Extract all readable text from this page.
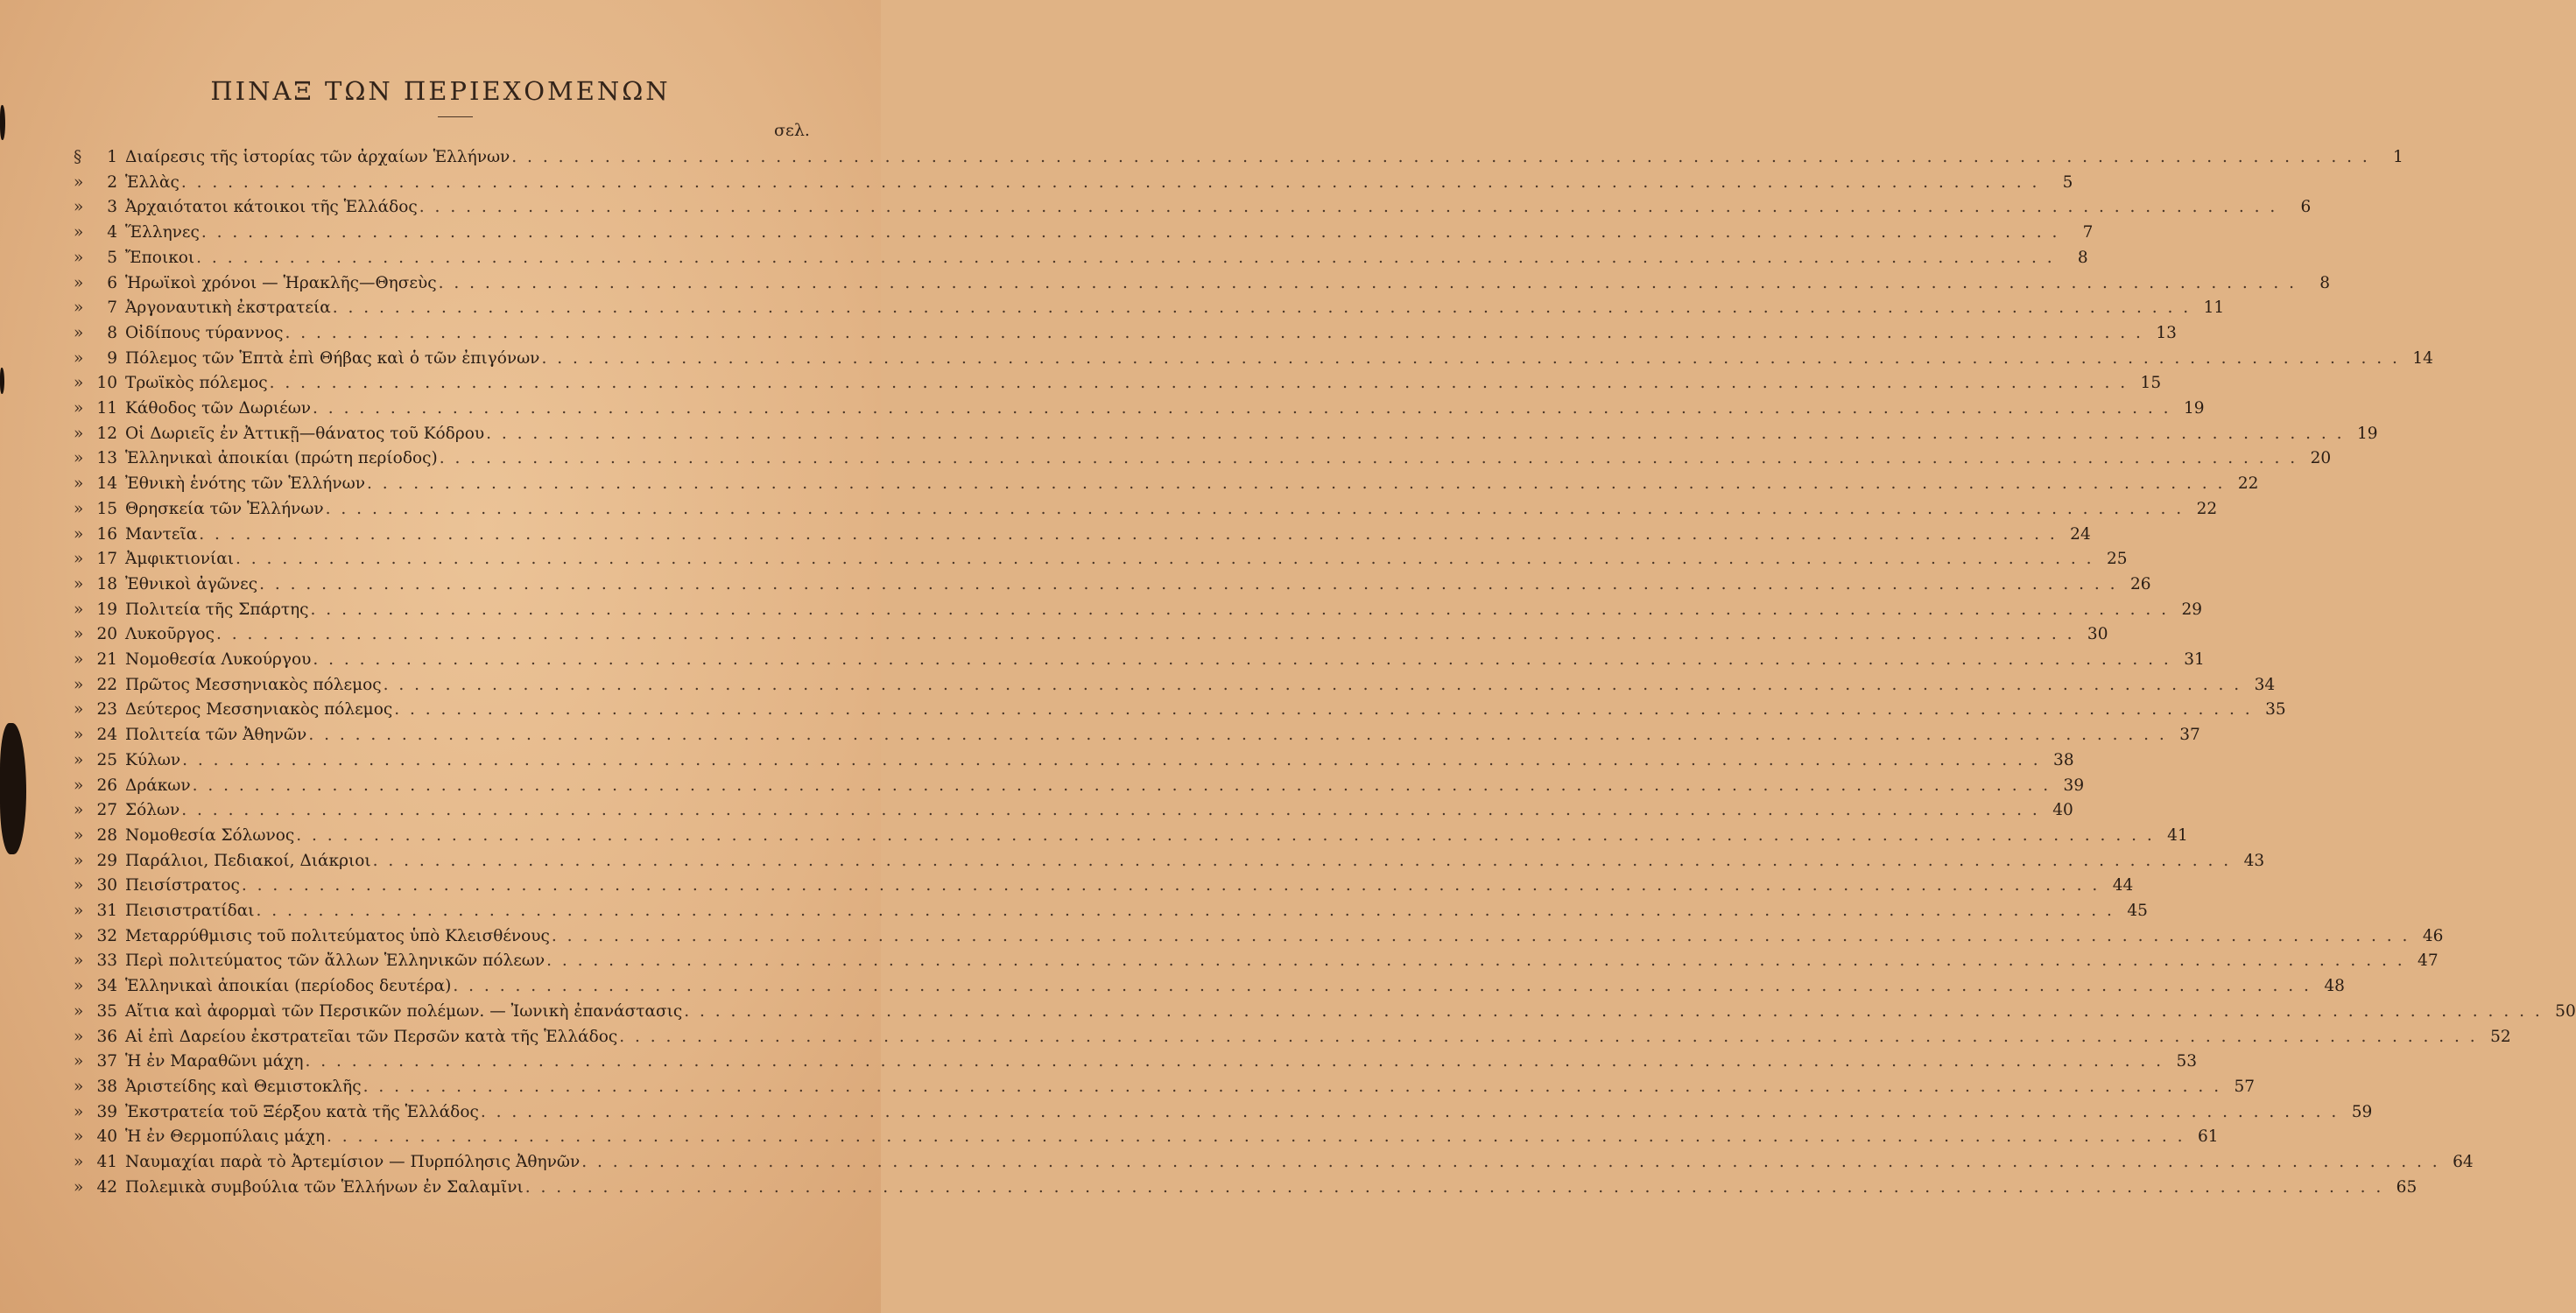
ΠΙΝΑΞ ΤΩΝ ΠΕΡΙΕΧΟΜΕΝΩΝ
σελ.
§	1 Διαίρεσις τῆς ἱστορίας τῶν ἀρχαίων Ἑλλήνων . . . . . . . . . . . . . . . . . . . . . . . . . . . . . . . . . . . . . . . . . . . . . . . . . . . . . . . . . . . . . . . . . . . . . . . . . . . . . . . . . . . . . . . . . . . . . . . . . . . . . . . . . . . . . . . . . . . . . . . .	1
»	2 Ἑλλὰς . . . . . . . . . . . . . . . . . . . . . . . . . . . . . . . . . . . . . . . . . . . . . . . . . . . . . . . . . . . . . . . . . . . . . . . . . . . . . . . . . . . . . . . . . . . . . . . . . . . . . . . . . . . . . . . . . . . . . . . .	5
»	3 Ἀρχαιότατοι κάτοικοι τῆς Ἑλλάδος . . . . . . . . . . . . . . . . . . . . . . . . . . . . . . . . . . . . . . . . . . . . . . . . . . . . . . . . . . . . . . . . . . . . . . . . . . . . . . . . . . . . . . . . . . . . . . . . . . . . . . . . . . . . . . . . . . . . . . . .	6
»	4 Ἕλληνες . . . . . . . . . . . . . . . . . . . . . . . . . . . . . . . . . . . . . . . . . . . . . . . . . . . . . . . . . . . . . . . . . . . . . . . . . . . . . . . . . . . . . . . . . . . . . . . . . . . . . . . . . . . . . . . . . . . . . . . .	7
»	5 Ἔποικοι . . . . . . . . . . . . . . . . . . . . . . . . . . . . . . . . . . . . . . . . . . . . . . . . . . . . . . . . . . . . . . . . . . . . . . . . . . . . . . . . . . . . . . . . . . . . . . . . . . . . . . . . . . . . . . . . . . . . . . . .	8
»	6 Ἡρωϊκοὶ χρόνοι — Ἡρακλῆς—Θησεὺς . . . . . . . . . . . . . . . . . . . . . . . . . . . . . . . . . . . . . . . . . . . . . . . . . . . . . . . . . . . . . . . . . . . . . . . . . . . . . . . . . . . . . . . . . . . . . . . . . . . . . . . . . . . . . . . . . . . . . . . .	8
»	7 Ἀργοναυτικὴ ἐκστρατεία . . . . . . . . . . . . . . . . . . . . . . . . . . . . . . . . . . . . . . . . . . . . . . . . . . . . . . . . . . . . . . . . . . . . . . . . . . . . . . . . . . . . . . . . . . . . . . . . . . . . . . . . . . . . . . . . . . . . . . . . 11
»	8 Οἰδίπους τύραννος . . . . . . . . . . . . . . . . . . . . . . . . . . . . . . . . . . . . . . . . . . . . . . . . . . . . . . . . . . . . . . . . . . . . . . . . . . . . . . . . . . . . . . . . . . . . . . . . . . . . . . . . . . . . . . . . . . . . . . . . 13
»	9 Πόλεμος τῶν Ἑπτὰ ἐπὶ Θήβας καὶ ὁ τῶν ἐπιγόνων . . . . . . . . . . . . . . . . . . . . . . . . . . . . . . . . . . . . . . . . . . . . . . . . . . . . . . . . . . . . . . . . . . . . . . . . . . . . . . . . . . . . . . . . . . . . . . . . . . . . . . . . . . . . . . . . . . . . . . . . 14
» 10 Τρωϊκὸς πόλεμος . . . . . . . . . . . . . . . . . . . . . . . . . . . . . . . . . . . . . . . . . . . . . . . . . . . . . . . . . . . . . . . . . . . . . . . . . . . . . . . . . . . . . . . . . . . . . . . . . . . . . . . . . . . . . . . . . . . . . . . . 15
» 11 Κάθοδος τῶν Δωριέων . . . . . . . . . . . . . . . . . . . . . . . . . . . . . . . . . . . . . . . . . . . . . . . . . . . . . . . . . . . . . . . . . . . . . . . . . . . . . . . . . . . . . . . . . . . . . . . . . . . . . . . . . . . . . . . . . . . . . . . . 19
» 12 Οἱ Δωριεῖς ἐν Ἀττικῇ—θάνατος τοῦ Κόδρου . . . . . . . . . . . . . . . . . . . . . . . . . . . . . . . . . . . . . . . . . . . . . . . . . . . . . . . . . . . . . . . . . . . . . . . . . . . . . . . . . . . . . . . . . . . . . . . . . . . . . . . . . . . . . . . . . . . . . . . . 19
» 13 Ἑλληνικαὶ ἀποικίαι (πρώτη περίοδος) . . . . . . . . . . . . . . . . . . . . . . . . . . . . . . . . . . . . . . . . . . . . . . . . . . . . . . . . . . . . . . . . . . . . . . . . . . . . . . . . . . . . . . . . . . . . . . . . . . . . . . . . . . . . . . . . . . . . . . . . 20
» 14 Ἐθνικὴ ἑνότης τῶν Ἑλλήνων . . . . . . . . . . . . . . . . . . . . . . . . . . . . . . . . . . . . . . . . . . . . . . . . . . . . . . . . . . . . . . . . . . . . . . . . . . . . . . . . . . . . . . . . . . . . . . . . . . . . . . . . . . . . . . . . . . . . . . . . 22
» 15 Θρησκεία τῶν Ἑλλήνων . . . . . . . . . . . . . . . . . . . . . . . . . . . . . . . . . . . . . . . . . . . . . . . . . . . . . . . . . . . . . . . . . . . . . . . . . . . . . . . . . . . . . . . . . . . . . . . . . . . . . . . . . . . . . . . . . . . . . . . . 22
» 16 Μαντεῖα . . . . . . . . . . . . . . . . . . . . . . . . . . . . . . . . . . . . . . . . . . . . . . . . . . . . . . . . . . . . . . . . . . . . . . . . . . . . . . . . . . . . . . . . . . . . . . . . . . . . . . . . . . . . . . . . . . . . . . . . 24
» 17 Ἀμφικτιονίαι . . . . . . . . . . . . . . . . . . . . . . . . . . . . . . . . . . . . . . . . . . . . . . . . . . . . . . . . . . . . . . . . . . . . . . . . . . . . . . . . . . . . . . . . . . . . . . . . . . . . . . . . . . . . . . . . . . . . . . . . 25
» 18 Ἐθνικοὶ ἀγῶνες . . . . . . . . . . . . . . . . . . . . . . . . . . . . . . . . . . . . . . . . . . . . . . . . . . . . . . . . . . . . . . . . . . . . . . . . . . . . . . . . . . . . . . . . . . . . . . . . . . . . . . . . . . . . . . . . . . . . . . . . 26
» 19 Πολιτεία τῆς Σπάρτης . . . . . . . . . . . . . . . . . . . . . . . . . . . . . . . . . . . . . . . . . . . . . . . . . . . . . . . . . . . . . . . . . . . . . . . . . . . . . . . . . . . . . . . . . . . . . . . . . . . . . . . . . . . . . . . . . . . . . . . . 29
» 20 Λυκοῦργος . . . . . . . . . . . . . . . . . . . . . . . . . . . . . . . . . . . . . . . . . . . . . . . . . . . . . . . . . . . . . . . . . . . . . . . . . . . . . . . . . . . . . . . . . . . . . . . . . . . . . . . . . . . . . . . . . . . . . . . . 30
» 21 Νομοθεσία Λυκούργου . . . . . . . . . . . . . . . . . . . . . . . . . . . . . . . . . . . . . . . . . . . . . . . . . . . . . . . . . . . . . . . . . . . . . . . . . . . . . . . . . . . . . . . . . . . . . . . . . . . . . . . . . . . . . . . . . . . . . . . . 31
» 22 Πρῶτος Μεσσηνιακὸς πόλεμος . . . . . . . . . . . . . . . . . . . . . . . . . . . . . . . . . . . . . . . . . . . . . . . . . . . . . . . . . . . . . . . . . . . . . . . . . . . . . . . . . . . . . . . . . . . . . . . . . . . . . . . . . . . . . . . . . . . . . . . . 34
» 23 Δεύτερος Μεσσηνιακὸς πόλεμος . . . . . . . . . . . . . . . . . . . . . . . . . . . . . . . . . . . . . . . . . . . . . . . . . . . . . . . . . . . . . . . . . . . . . . . . . . . . . . . . . . . . . . . . . . . . . . . . . . . . . . . . . . . . . . . . . . . . . . . . 35
» 24 Πολιτεία τῶν Ἀθηνῶν . . . . . . . . . . . . . . . . . . . . . . . . . . . . . . . . . . . . . . . . . . . . . . . . . . . . . . . . . . . . . . . . . . . . . . . . . . . . . . . . . . . . . . . . . . . . . . . . . . . . . . . . . . . . . . . . . . . . . . . . 37
» 25 Κύλων . . . . . . . . . . . . . . . . . . . . . . . . . . . . . . . . . . . . . . . . . . . . . . . . . . . . . . . . . . . . . . . . . . . . . . . . . . . . . . . . . . . . . . . . . . . . . . . . . . . . . . . . . . . . . . . . . . . . . . . . 38
» 26 Δράκων . . . . . . . . . . . . . . . . . . . . . . . . . . . . . . . . . . . . . . . . . . . . . . . . . . . . . . . . . . . . . . . . . . . . . . . . . . . . . . . . . . . . . . . . . . . . . . . . . . . . . . . . . . . . . . . . . . . . . . . . 39
» 27 Σόλων . . . . . . . . . . . . . . . . . . . . . . . . . . . . . . . . . . . . . . . . . . . . . . . . . . . . . . . . . . . . . . . . . . . . . . . . . . . . . . . . . . . . . . . . . . . . . . . . . . . . . . . . . . . . . . . . . . . . . . . . 40
» 28 Νομοθεσία Σόλωνος . . . . . . . . . . . . . . . . . . . . . . . . . . . . . . . . . . . . . . . . . . . . . . . . . . . . . . . . . . . . . . . . . . . . . . . . . . . . . . . . . . . . . . . . . . . . . . . . . . . . . . . . . . . . . . . . . . . . . . . . 41
» 29 Παράλιοι, Πεδιακοί, Διάκριοι . . . . . . . . . . . . . . . . . . . . . . . . . . . . . . . . . . . . . . . . . . . . . . . . . . . . . . . . . . . . . . . . . . . . . . . . . . . . . . . . . . . . . . . . . . . . . . . . . . . . . . . . . . . . . . . . . . . . . . . . 43
» 30 Πεισίστρατος . . . . . . . . . . . . . . . . . . . . . . . . . . . . . . . . . . . . . . . . . . . . . . . . . . . . . . . . . . . . . . . . . . . . . . . . . . . . . . . . . . . . . . . . . . . . . . . . . . . . . . . . . . . . . . . . . . . . . . . . 44
» 31 Πεισιστρατίδαι . . . . . . . . . . . . . . . . . . . . . . . . . . . . . . . . . . . . . . . . . . . . . . . . . . . . . . . . . . . . . . . . . . . . . . . . . . . . . . . . . . . . . . . . . . . . . . . . . . . . . . . . . . . . . . . . . . . . . . . . 45
» 32 Μεταρρύθμισις τοῦ πολιτεύματος ὑπὸ Κλεισθένους . . . . . . . . . . . . . . . . . . . . . . . . . . . . . . . . . . . . . . . . . . . . . . . . . . . . . . . . . . . . . . . . . . . . . . . . . . . . . . . . . . . . . . . . . . . . . . . . . . . . . . . . . . . . . . . . . . . . . . . . 46
» 33 Περὶ πολιτεύματος τῶν ἄλλων Ἑλληνικῶν πόλεων . . . . . . . . . . . . . . . . . . . . . . . . . . . . . . . . . . . . . . . . . . . . . . . . . . . . . . . . . . . . . . . . . . . . . . . . . . . . . . . . . . . . . . . . . . . . . . . . . . . . . . . . . . . . . . . . . . . . . . . . 47
» 34 Ἑλληνικαὶ ἀποικίαι (περίοδος δευτέρα) . . . . . . . . . . . . . . . . . . . . . . . . . . . . . . . . . . . . . . . . . . . . . . . . . . . . . . . . . . . . . . . . . . . . . . . . . . . . . . . . . . . . . . . . . . . . . . . . . . . . . . . . . . . . . . . . . . . . . . . . 48
» 35 Αἴτια καὶ ἀφορμαὶ τῶν Περσικῶν πολέμων. — Ἰωνικὴ ἐπανάστασις . . . . . . . . . . . . . . . . . . . . . . . . . . . . . . . . . . . . . . . . . . . . . . . . . . . . . . . . . . . . . . . . . . . . . . . . . . . . . . . . . . . . . . . . . . . . . . . . . . . . . . . . . . . . . . . . . . . . . . . . 50
» 36 Αἱ ἐπὶ Δαρείου ἐκστρατεῖαι τῶν Περσῶν κατὰ τῆς Ἑλλάδος . . . . . . . . . . . . . . . . . . . . . . . . . . . . . . . . . . . . . . . . . . . . . . . . . . . . . . . . . . . . . . . . . . . . . . . . . . . . . . . . . . . . . . . . . . . . . . . . . . . . . . . . . . . . . . . . . . . . . . . . 52
» 37 Ἡ ἐν Μαραθῶνι μάχη . . . . . . . . . . . . . . . . . . . . . . . . . . . . . . . . . . . . . . . . . . . . . . . . . . . . . . . . . . . . . . . . . . . . . . . . . . . . . . . . . . . . . . . . . . . . . . . . . . . . . . . . . . . . . . . . . . . . . . . . 53
» 38 Ἀριστείδης καὶ Θεμιστοκλῆς . . . . . . . . . . . . . . . . . . . . . . . . . . . . . . . . . . . . . . . . . . . . . . . . . . . . . . . . . . . . . . . . . . . . . . . . . . . . . . . . . . . . . . . . . . . . . . . . . . . . . . . . . . . . . . . . . . . . . . . . 57
» 39 Ἐκστρατεία τοῦ Ξέρξου κατὰ τῆς Ἑλλάδος . . . . . . . . . . . . . . . . . . . . . . . . . . . . . . . . . . . . . . . . . . . . . . . . . . . . . . . . . . . . . . . . . . . . . . . . . . . . . . . . . . . . . . . . . . . . . . . . . . . . . . . . . . . . . . . . . . . . . . . . 59
» 40 Ἡ ἐν Θερμοπύλαις μάχη . . . . . . . . . . . . . . . . . . . . . . . . . . . . . . . . . . . . . . . . . . . . . . . . . . . . . . . . . . . . . . . . . . . . . . . . . . . . . . . . . . . . . . . . . . . . . . . . . . . . . . . . . . . . . . . . . . . . . . . . 61
» 41 Ναυμαχίαι παρὰ τὸ Ἀρτεμίσιον — Πυρπόλησις Ἀθηνῶν . . . . . . . . . . . . . . . . . . . . . . . . . . . . . . . . . . . . . . . . . . . . . . . . . . . . . . . . . . . . . . . . . . . . . . . . . . . . . . . . . . . . . . . . . . . . . . . . . . . . . . . . . . . . . . . . . . . . . . . . 64
» 42 Πολεμικὰ συμβούλια τῶν Ἑλλήνων ἐν Σαλαμῖνι . . . . . . . . . . . . . . . . . . . . . . . . . . . . . . . . . . . . . . . . . . . . . . . . . . . . . . . . . . . . . . . . . . . . . . . . . . . . . . . . . . . . . . . . . . . . . . . . . . . . . . . . . . . . . . . . . . . . . . . . 65
